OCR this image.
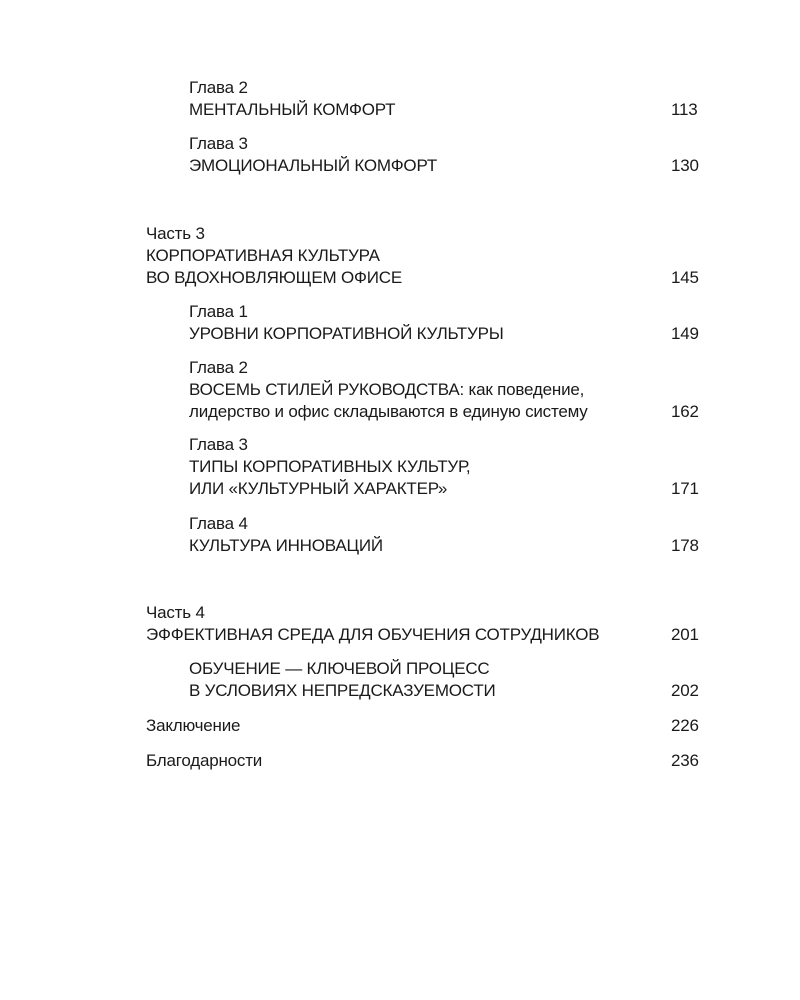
Глава 2
МЕНТАЛЬНЫЙ КОМФОРТ	113
Глава 3
ЭМОЦИОНАЛЬНЫЙ КОМФОРТ	130
Часть 3
КОРПОРАТИВНАЯ КУЛЬТУРА
ВО ВДОХНОВЛЯЮЩЕМ ОФИСЕ	145
Глава 1
УРОВНИ КОРПОРАТИВНОЙ КУЛЬТУРЫ	149
Глава 2
ВОСЕМЬ СТИЛЕЙ РУКОВОДСТВА: как поведение,
лидерство и офис складываются в единую систему	162
Глава 3
ТИПЫ КОРПОРАТИВНЫХ КУЛЬТУР,
ИЛИ «КУЛЬТУРНЫЙ ХАРАКТЕР»	171
Глава 4
КУЛЬТУРА ИННОВАЦИЙ	178
Часть 4
ЭФФЕКТИВНАЯ СРЕДА ДЛЯ ОБУЧЕНИЯ СОТРУДНИКОВ	201
ОБУЧЕНИЕ — КЛЮЧЕВОЙ ПРОЦЕСС
В УСЛОВИЯХ НЕПРЕДСКАЗУЕМОСТИ	202
Заключение	226
Благодарности	236
